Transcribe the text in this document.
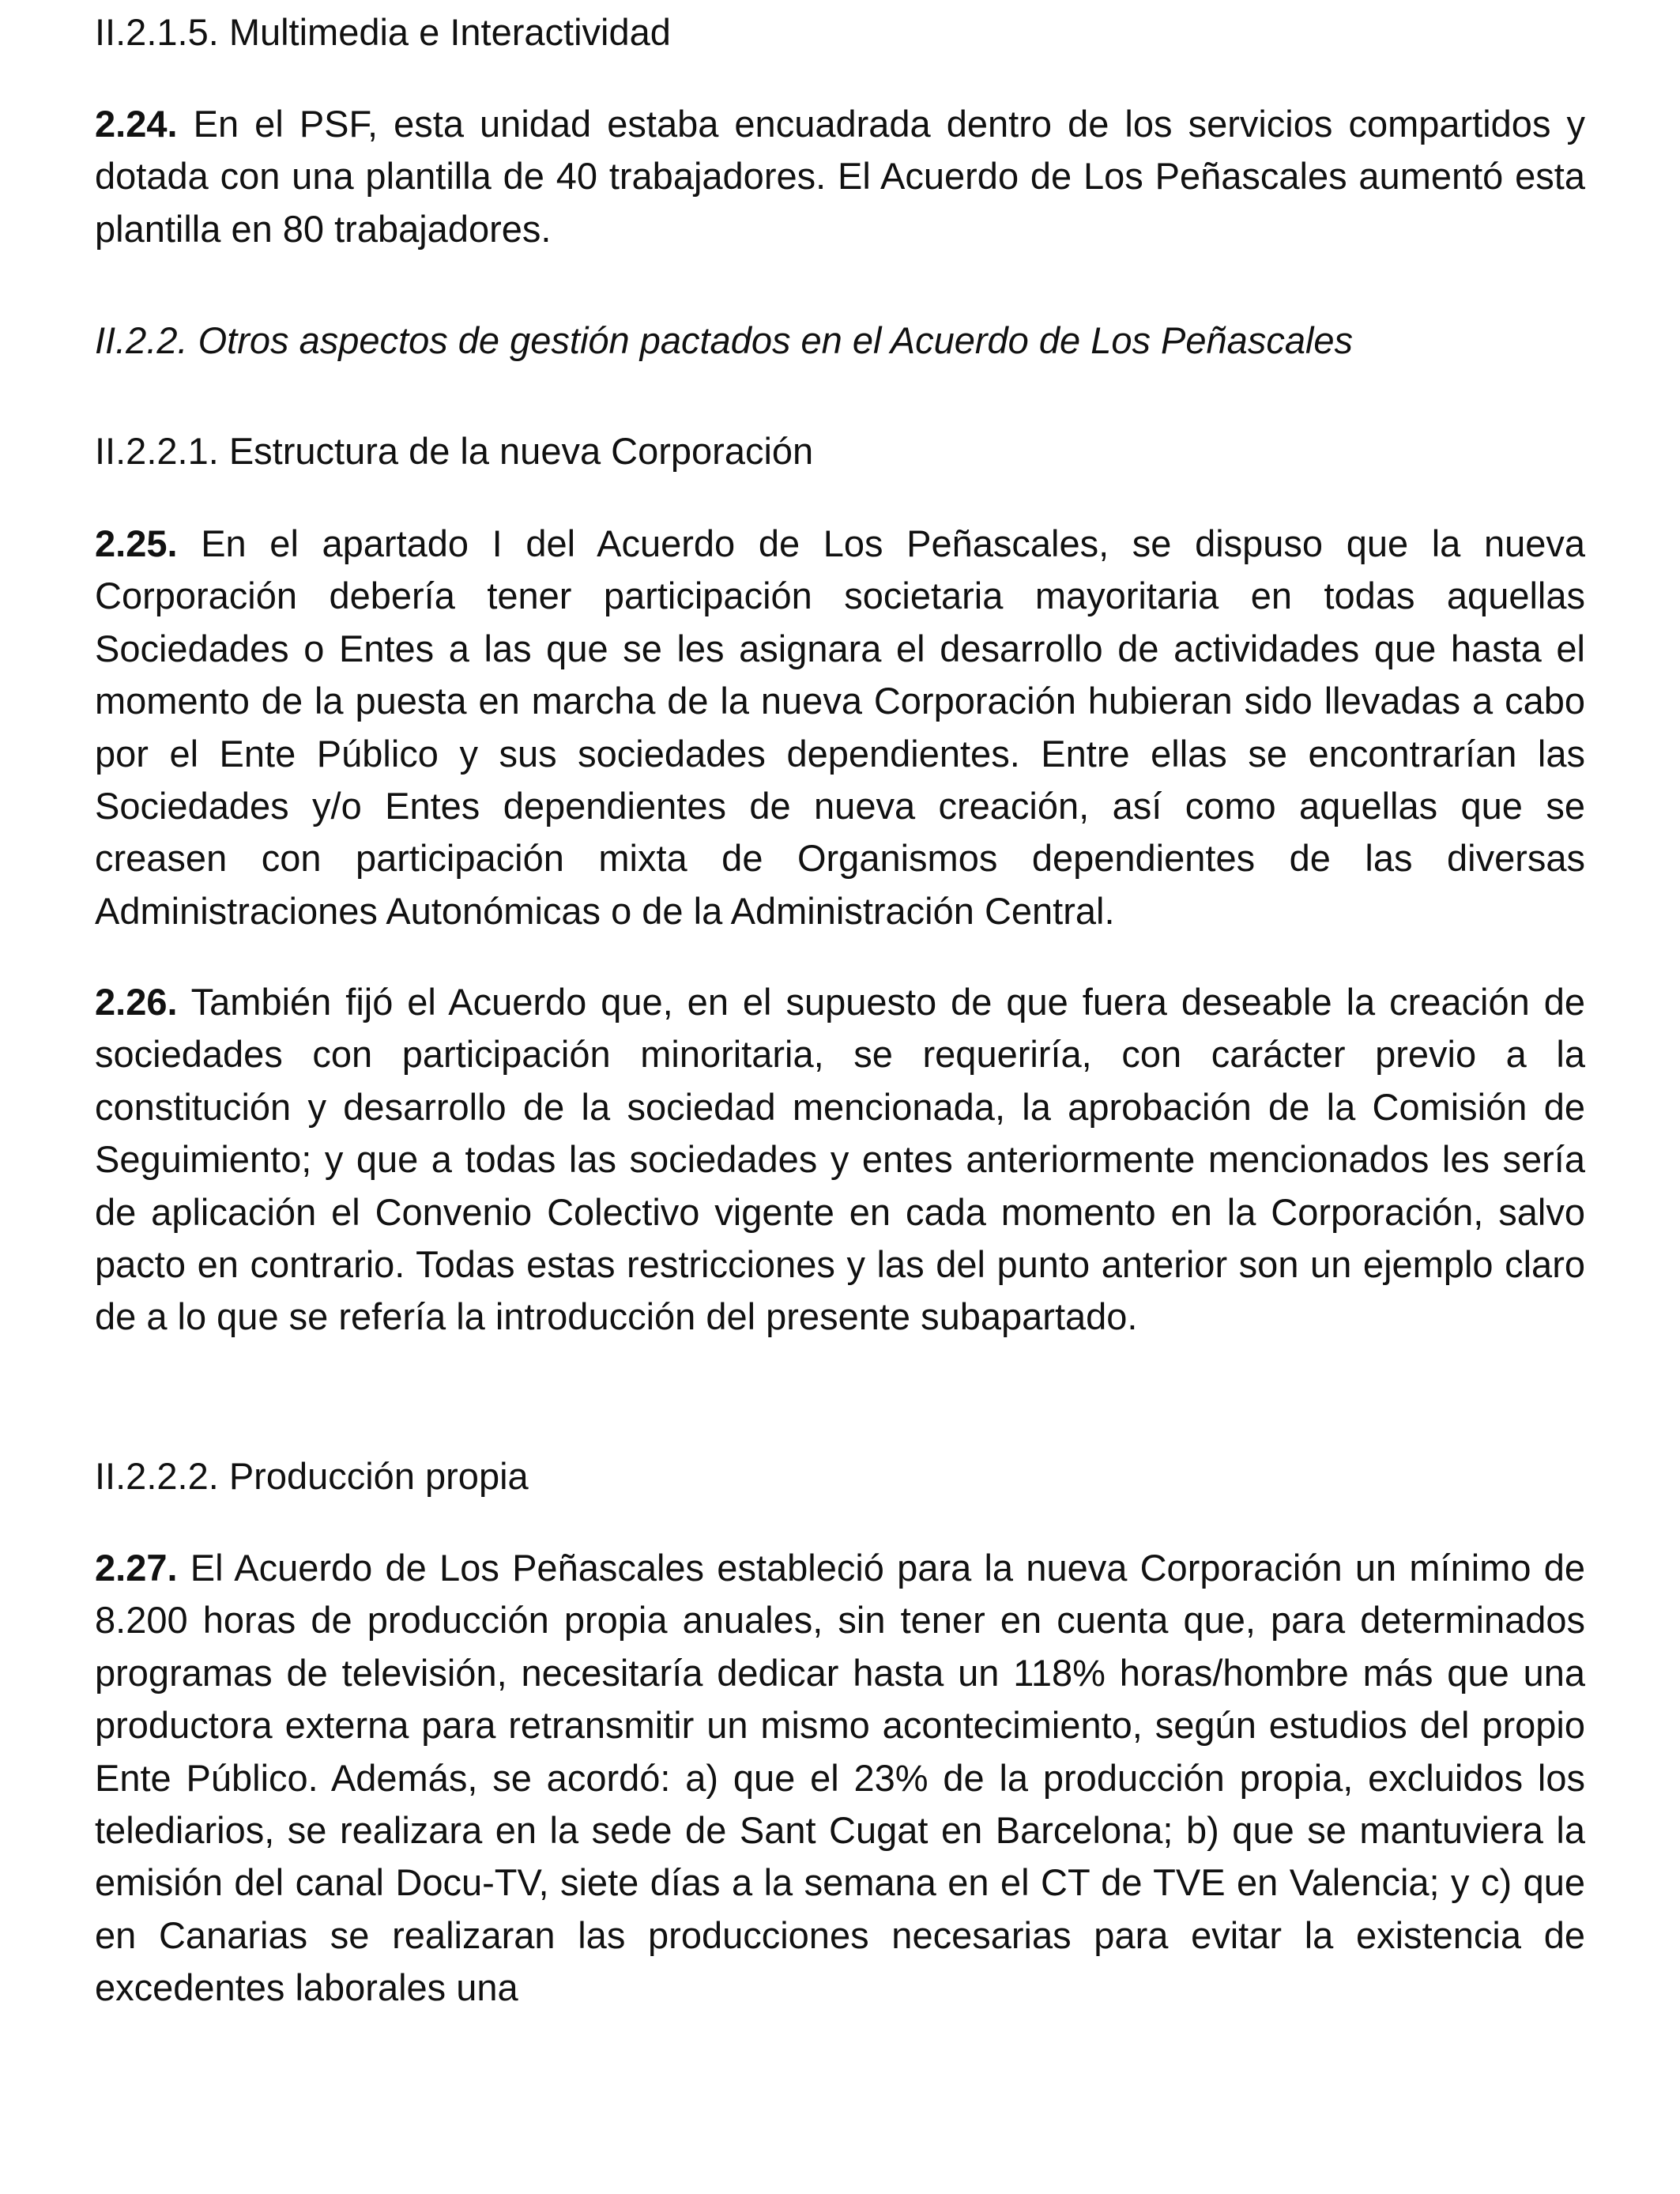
II.2.1.5. Multimedia e Interactividad

2.24. En el PSF, esta unidad estaba encuadrada dentro de los servicios compartidos y dotada con una plantilla de 40 trabajadores. El Acuerdo de Los Peñascales aumentó esta plantilla en 80 trabajadores.

II.2.2. Otros aspectos de gestión pactados en el Acuerdo de Los Peñascales

II.2.2.1. Estructura de la nueva Corporación

2.25. En el apartado I del Acuerdo de Los Peñascales, se dispuso que la nueva Corporación debería tener participación societaria mayoritaria en todas aquellas Sociedades o Entes a las que se les asignara el desarrollo de actividades que hasta el momento de la puesta en marcha de la nueva Corporación hubieran sido llevadas a cabo por el Ente Público y sus sociedades dependientes. Entre ellas se encontrarían las Sociedades y/o Entes dependientes de nueva creación, así como aquellas que se creasen con participación mixta de Organismos dependientes de las diversas Administraciones Autonómicas o de la Administración Central.

2.26. También fijó el Acuerdo que, en el supuesto de que fuera deseable la creación de sociedades con participación minoritaria, se requeriría, con carácter previo a la constitución y desarrollo de la sociedad mencionada, la aprobación de la Comisión de Seguimiento; y que a todas las sociedades y entes anteriormente mencionados les sería de aplicación el Convenio Colectivo vigente en cada momento en la Corporación, salvo pacto en contrario. Todas estas restricciones y las del punto anterior son un ejemplo claro de a lo que se refería la introducción del presente subapartado.

II.2.2.2. Producción propia

2.27. El Acuerdo de Los Peñascales estableció para la nueva Corporación un mínimo de 8.200 horas de producción propia anuales, sin tener en cuenta que, para determinados programas de televisión, necesitaría dedicar hasta un 118% horas/hombre más que una productora externa para retransmitir un mismo acontecimiento, según estudios del propio Ente Público. Además, se acordó: a) que el 23% de la producción propia, excluidos los telediarios, se realizara en la sede de Sant Cugat en Barcelona; b) que se mantuviera la emisión del canal Docu-TV, siete días a la semana en el CT de TVE en Valencia; y c) que en Canarias se realizaran las producciones necesarias para evitar la existencia de excedentes laborales una
